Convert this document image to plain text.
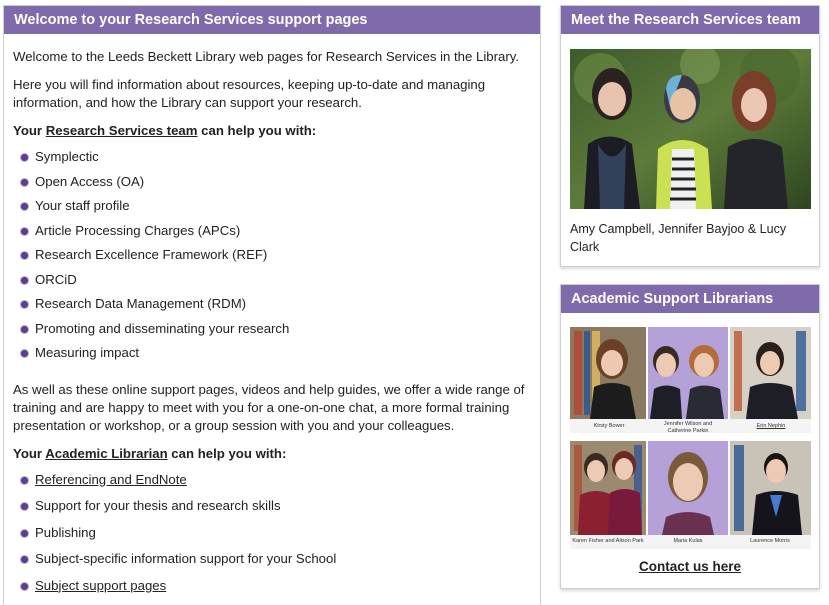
Welcome to your Research Services support pages

Welcome to the Leeds Beckett Library web pages for Research Services in the Library.

Here you will find information about resources, keeping up-to-date and managing information, and how the Library can support your research.

Your Research Services team can help you with:

Symplectic
Open Access (OA)
Your staff profile
Article Processing Charges (APCs)
Research Excellence Framework (REF)
ORCiD
Research Data Management (RDM)
Promoting and disseminating your research
Measuring impact

As well as these online support pages, videos and help guides, we offer a wide range of training and are happy to meet with you for a one-on-one chat, a more formal training presentation or workshop, or a group session with you and your colleagues.

Your Academic Librarian can help you with:

Referencing and EndNote
Support for your thesis and research skills
Publishing
Subject-specific information support for your School
Subject support pages
Meet the Research Services team
Amy Campbell, Jennifer Bayjoo & Lucy Clark
Academic Support Librarians
Kirsty Bower	Jennifer Wilson and
Catherine Parkin
Erin Nephin
Karen Fisher and Alison Park	Maria Kulas	Laurence Morris
Contact us here
